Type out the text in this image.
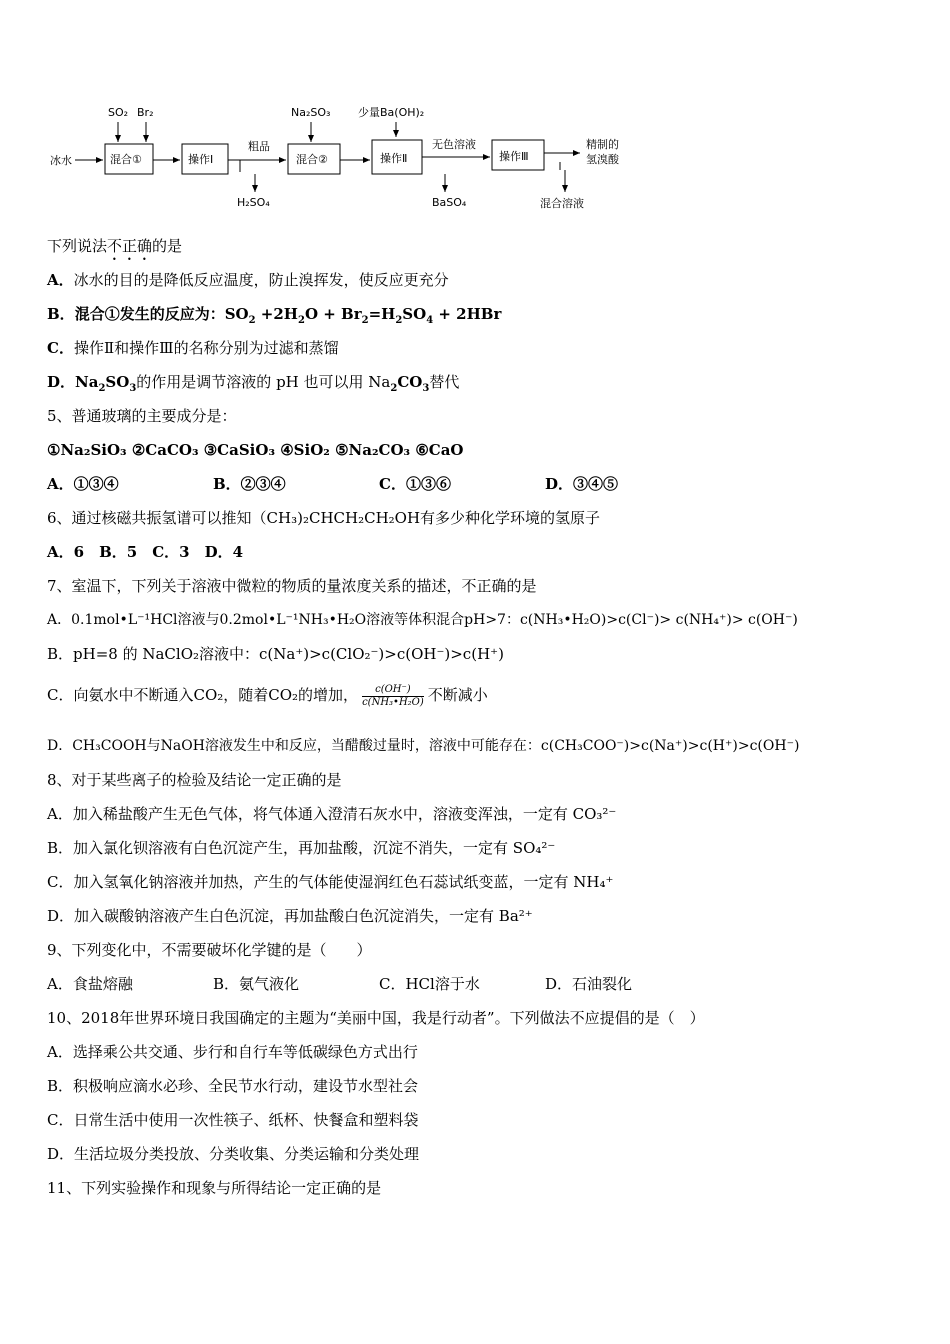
冰水
SO₂ Br₂
混合①	操作Ⅰ
粗品
H₂SO₄
Na₂SO₃
混合②
少量Ba(OH)₂
操作Ⅱ
无色溶液
BaSO₄
操作Ⅲ
精制的
氢溴酸
混合溶液
下列说法不正确的是
A．冰水的目的是降低反应温度，防止溴挥发，使反应更充分
B．混合①发生的反应为：$SO_2 +2H_2O + Br_2=H_2SO_4 + 2HBr$
C．操作Ⅱ和操作Ⅲ的名称分别为过滤和蒸馏
D．$Na_2SO_3$的作用是调节溶液的 pH 也可以用 $Na_2CO_3$替代
5、普通玻璃的主要成分是：
①Na₂SiO₃ ②CaCO₃ ③CaSiO₃ ④SiO₂ ⑤Na₂CO₃ ⑥CaO
A．①③④	B．②③④	C．①③⑥	D．③④⑤
6、通过核磁共振氢谱可以推知（CH₃)₂CHCH₂CH₂OH有多少种化学环境的氢原子
A．6　B．5　C．3　D．4
7、室温下，下列关于溶液中微粒的物质的量浓度关系的描述，不正确的是
A．0.1mol•L⁻¹HCl溶液与0.2mol•L⁻¹NH₃•H₂O溶液等体积混合pH>7：c(NH₃•H₂O)>c(Cl⁻)> c(NH₄⁺)> c(OH⁻)
B．pH=8 的 NaClO₂溶液中：c(Na⁺)>c(ClO₂⁻)>c(OH⁻)>c(H⁺)
C．向氨水中不断通入CO₂，随着CO₂的增加， $\frac{c(OH^-)}{\text{c(NH₃•H₂O)}}$ 不断减小
D．CH₃COOH与NaOH溶液发生中和反应，当醋酸过量时，溶液中可能存在：c(CH₃COO⁻)>c(Na⁺)>c(H⁺)>c(OH⁻)
8、对于某些离子的检验及结论一定正确的是
A．加入稀盐酸产生无色气体，将气体通入澄清石灰水中，溶液变浑浊，一定有 CO₃²⁻
B．加入氯化钡溶液有白色沉淀产生，再加盐酸，沉淀不消失，一定有 SO₄²⁻
C．加入氢氧化钠溶液并加热，产生的气体能使湿润红色石蕊试纸变蓝，一定有 NH₄⁺
D．加入碳酸钠溶液产生白色沉淀，再加盐酸白色沉淀消失，一定有 Ba²⁺
9、下列变化中，不需要破坏化学键的是（　　）
A．食盐熔融	B．氨气液化	C．HCl溶于水	D．石油裂化
10、2018年世界环境日我国确定的主题为“美丽中国，我是行动者”。下列做法不应提倡的是（　）
A．选择乘公共交通、步行和自行车等低碳绿色方式出行
B．积极响应滴水必珍、全民节水行动，建设节水型社会
C．日常生活中使用一次性筷子、纸杯、快餐盒和塑料袋
D．生活垃圾分类投放、分类收集、分类运输和分类处理
11、下列实验操作和现象与所得结论一定正确的是
